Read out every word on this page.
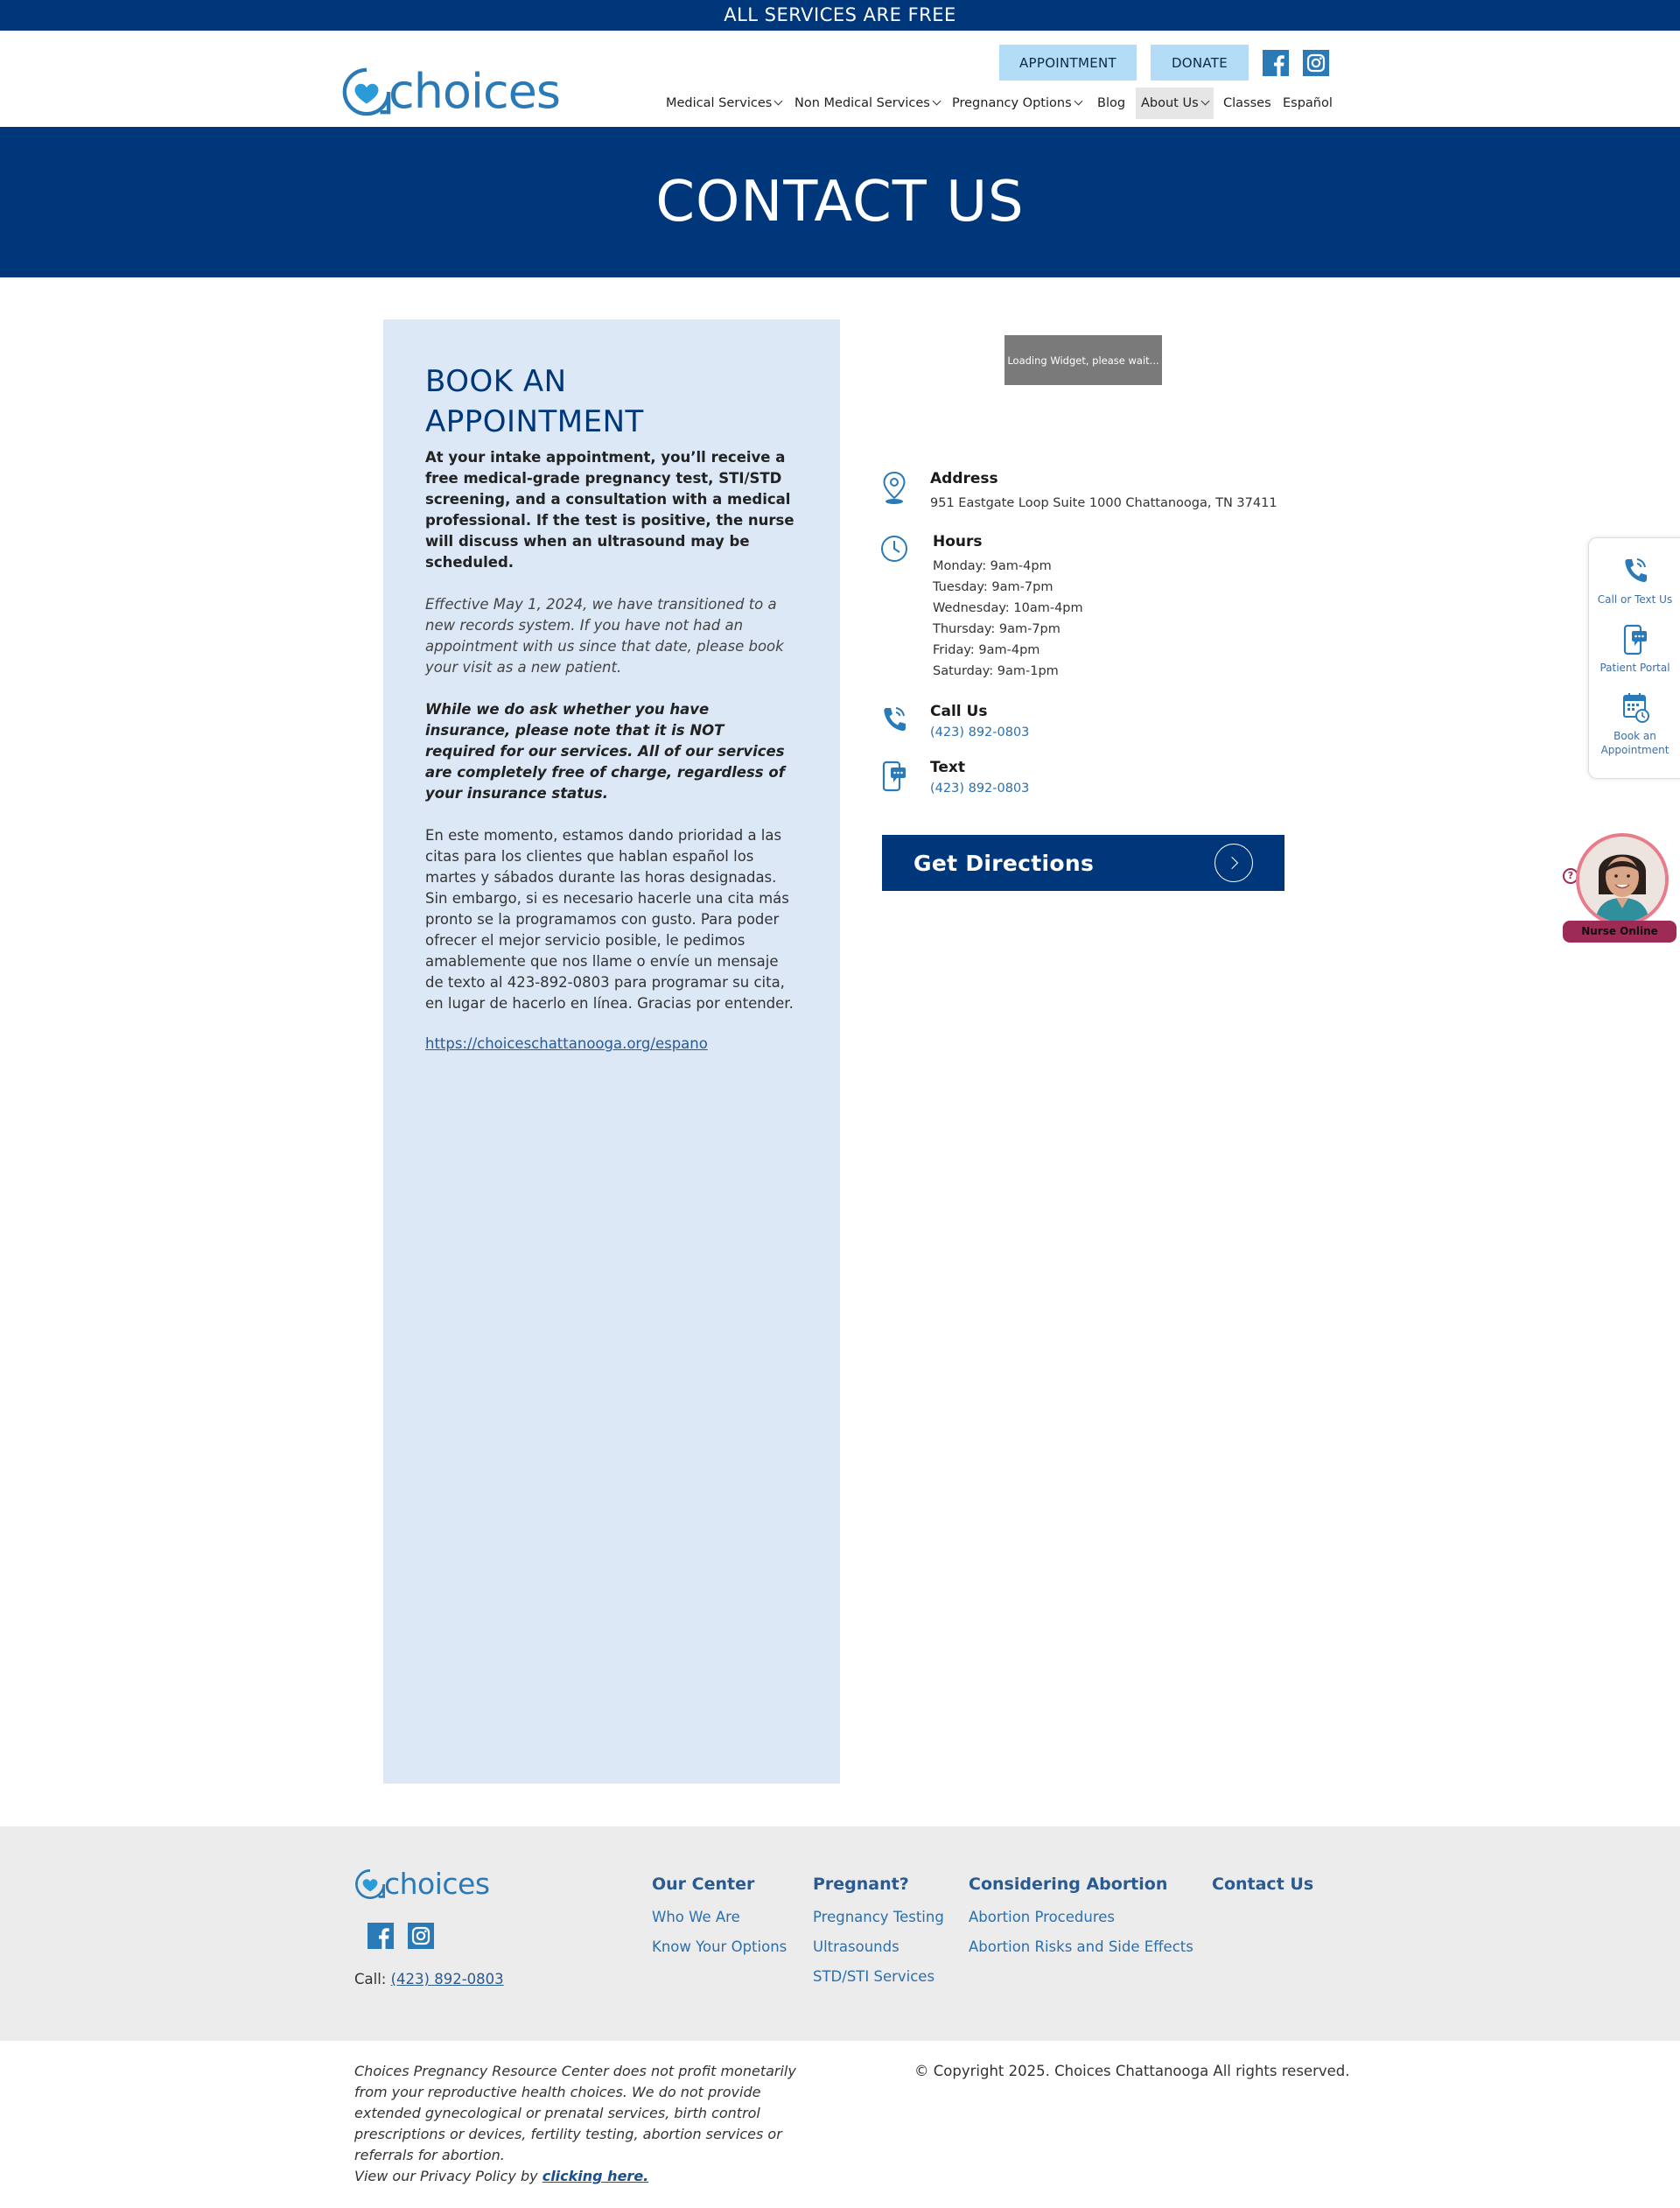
ALL SERVICES ARE FREE
choices
APPOINTMENT	DONATE
Medical Services	Non Medical Services	Pregnancy Options	Blog	About Us	Classes Español
CONTACT US
BOOK AN
APPOINTMENT

At your intake appointment, you’ll receive a free medical-grade pregnancy test, STI/STD screening, and a consultation with a medical professional. If the test is positive, the nurse will discuss when an ultrasound may be scheduled.

Effective May 1, 2024, we have transitioned to a new records system. If you have not had an appointment with us since that date, please book your visit as a new patient.

While we do ask whether you have insurance, please note that it is NOT required for our services. All of our services are completely free of charge, regardless of your insurance status.

En este momento, estamos dando prioridad a las citas para los clientes que hablan español los martes y sábados durante las horas designadas. Sin embargo, si es necesario hacerle una cita más pronto se la programamos con gusto. Para poder ofrecer el mejor servicio posible, le pedimos amablemente que nos llame o envíe un mensaje de texto al 423-892-0803 para programar su cita, en lugar de hacerlo en línea. Gracias por entender.

https://choiceschattanooga.org/espano
Loading Widget, please wait...
Address
951 Eastgate Loop Suite 1000 Chattanooga, TN 37411
Hours
Monday: 9am-4pm
Tuesday: 9am-7pm
Wednesday: 10am-4pm
Thursday: 9am-7pm
Friday: 9am-4pm
Saturday: 9am-1pm
Call Us
(423) 892-0803
Text
(423) 892-0803
Get Directions
Call or Text Us
Patient Portal
Book an
Appointment
?
Nurse Online
choices
Call: (423) 892-0803
Our Center
Who We Are
Know Your Options
Pregnant?
Pregnancy Testing
Ultrasounds
STD/STI Services
Considering Abortion
Abortion Procedures
Abortion Risks and Side Effects
Contact Us
Choices Pregnancy Resource Center does not profit monetarily from your reproductive health choices. We do not provide extended gynecological or prenatal services, birth control prescriptions or devices, fertility testing, abortion services or referrals for abortion.
View our Privacy Policy by clicking here.
© Copyright 2025. Choices Chattanooga All rights reserved.
